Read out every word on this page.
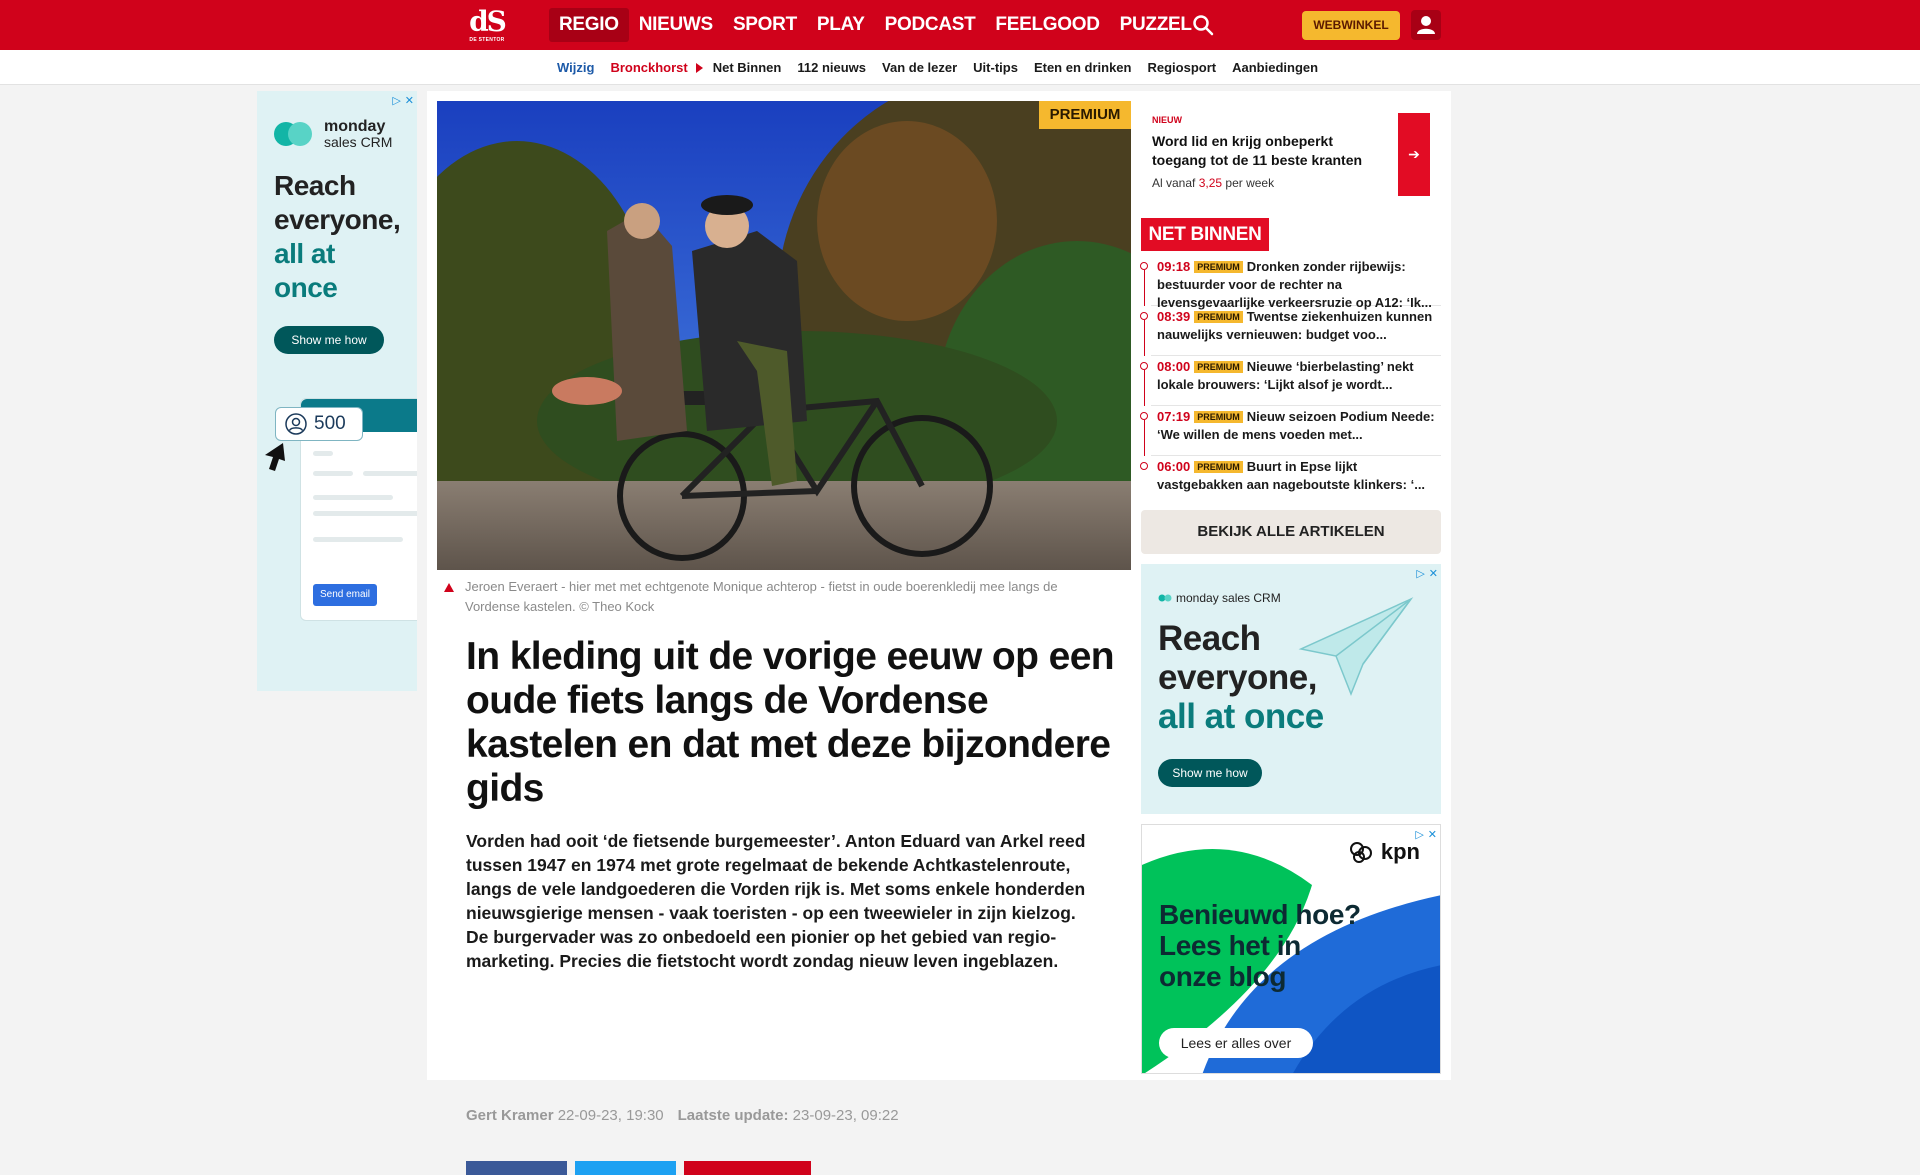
dS
DE STENTOR
REGIO	NIEUWS	SPORT	PLAY	PODCAST	FEELGOOD	PUZZEL	WEBWINKEL
Wijzig Bronckhorst Net Binnen 112 nieuws Van de lezer Uit-tips Eten en drinken Regiosport Aanbiedingen
▷ ✕
monday
sales CRM
Reach
everyone,
all at
once
Show me how
Send email
500
PREMIUM
Jeroen Everaert - hier met met echtgenote Monique achterop - fietst in oude boerenkledij mee langs de Vordense kastelen. © Theo Kock
In kleding uit de vorige eeuw op een oude fiets langs de Vordense kastelen en dat met deze bijzondere gids

Vorden had ooit ‘de fietsende burgemeester’. Anton Eduard van Arkel reed tussen 1947 en 1974 met grote regelmaat de bekende Achtkastelenroute, langs de vele landgoederen die Vorden rijk is. Met soms enkele honderden nieuwsgierige mensen - vaak toeristen - op een tweewieler in zijn kielzog. De burgervader was zo onbedoeld een pionier op het gebied van regio-marketing. Precies die fietstocht wordt zondag nieuw leven ingeblazen.

Gert Kramer 22-09-23, 19:30 Laatste update: 23-09-23, 09:22
NIEUW
Word lid en krijg onbeperkt toegang tot de 11 beste kranten
Al vanaf 3,25 per week
➔
NET BINNEN
09:18 PREMIUM Dronken zonder rijbewijs: bestuurder voor de rechter na levensgevaarlijke verkeersruzie op A12: ‘Ik...
08:39 PREMIUM Twentse ziekenhuizen kunnen nauwelijks vernieuwen: budget voo...
08:00 PREMIUM Nieuwe ‘bierbelasting’ nekt lokale brouwers: ‘Lijkt alsof je wordt...
07:19 PREMIUM Nieuw seizoen Podium Neede: ‘We willen de mens voeden met...
06:00 PREMIUM Buurt in Epse lijkt vastgebakken aan nageboutste klinkers: ‘...
BEKIJK ALLE ARTIKELEN
▷ ✕
monday sales CRM
Reach
everyone,
all at once
Show me how
▷ ✕
kpn
Benieuwd hoe?
Lees het in
onze blog
Lees er alles over
